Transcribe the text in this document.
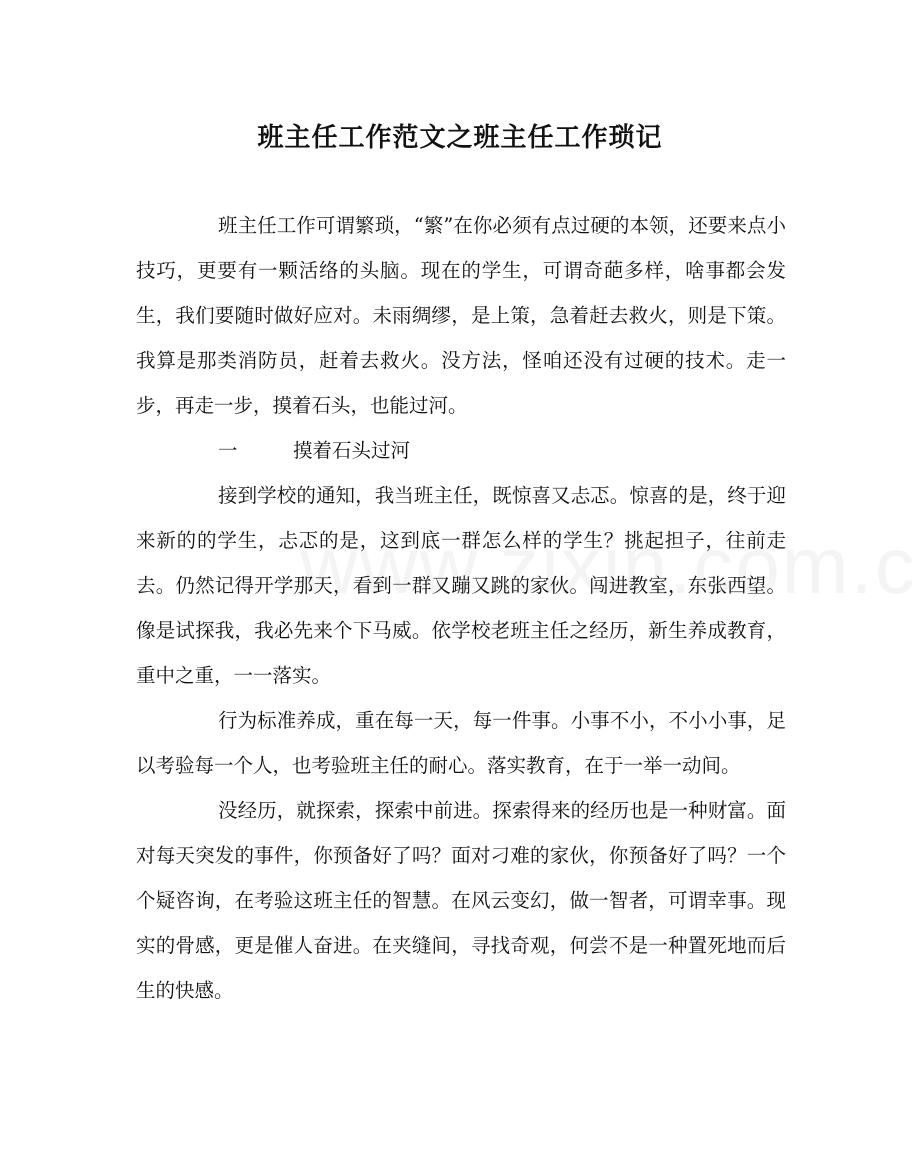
班主任工作范文之班主任工作琐记

班主任工作可谓繁琐，“繁”在你必须有点过硬的本领，还要来点小技巧，更要有一颗活络的头脑。现在的学生，可谓奇葩多样，啥事都会发生，我们要随时做好应对。未雨绸缪，是上策，急着赶去救火，则是下策。我算是那类消防员，赶着去救火。没方法，怪咱还没有过硬的技术。走一步，再走一步，摸着石头，也能过河。

一	摸着石头过河

接到学校的通知，我当班主任，既惊喜又忐忑。惊喜的是，终于迎来新的的学生，忐忑的是，这到底一群怎么样的学生？挑起担子，往前走去。仍然记得开学那天，看到一群又蹦又跳的家伙。闯进教室，东张西望。像是试探我，我必先来个下马威。依学校老班主任之经历，新生养成教育，重中之重，一一落实。

行为标准养成，重在每一天，每一件事。小事不小，不小小事，足以考验每一个人，也考验班主任的耐心。落实教育，在于一举一动间。

没经历，就探索，探索中前进。探索得来的经历也是一种财富。面对每天突发的事件，你预备好了吗？面对刁难的家伙，你预备好了吗？一个个疑咨询，在考验这班主任的智慧。在风云变幻，做一智者，可谓幸事。现实的骨感，更是催人奋进。在夹缝间，寻找奇观，何尝不是一种置死地而后生的快感。
